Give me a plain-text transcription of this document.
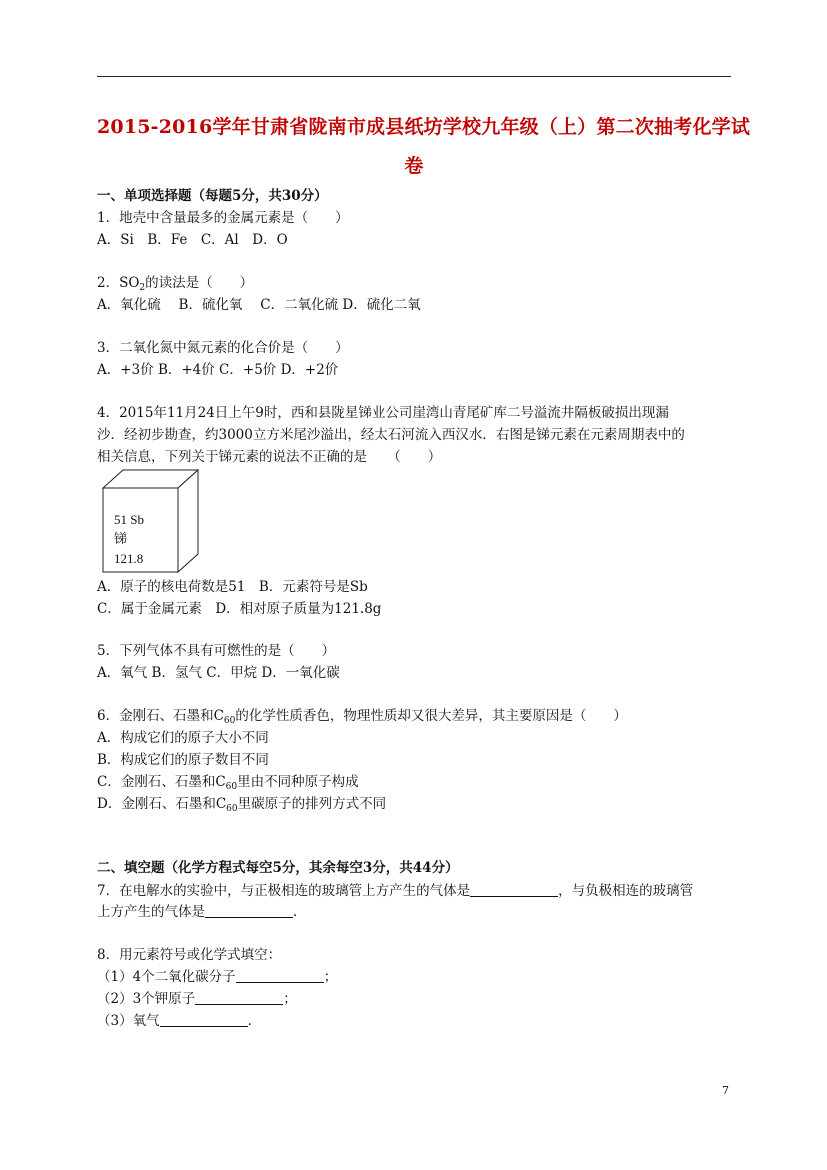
2015-2016学年甘肃省陇南市成县纸坊学校九年级（上）第二次抽考化学试
卷
一、单项选择题（每题5分，共30分）
1．地壳中含量最多的金属元素是（　　）
A．Si　B．Fe　C．Al　D．O
2．$SO_2$的读法是（　　）
A．氧化硫　 B．硫化氧　 C．二氧化硫 D．硫化二氧
3．二氧化氮中氮元素的化合价是（　　）
A．+3价 B．+4价 C．+5价 D．+2价
4．2015年11月24日上午9时，西和县陇星锑业公司崖湾山青尾矿库二号溢流井隔板破损出现漏
沙．经初步勘查，约3000立方米尾沙溢出，经太石河流入西汉水．右图是锑元素在元素周期表中的
相关信息，下列关于锑元素的说法不正确的是　　（　　）
51 Sb
锑
121.8
A．原子的核电荷数是51　B．元素符号是Sb
C．属于金属元素　D．相对原子质量为121.8g
5．下列气体不具有可燃性的是（　　）
A．氧气 B．氢气 C．甲烷 D．一氧化碳
6．金刚石、石墨和$C_{60}$的化学性质香色，物理性质却又很大差异，其主要原因是（　　）
A．构成它们的原子大小不同
B．构成它们的原子数目不同
C．金刚石、石墨和$C_{60}$里由不同种原子构成
D．金刚石、石墨和$C_{60}$里碳原子的排列方式不同
二、填空题（化学方程式每空5分，其余每空3分，共44分）
7．在电解水的实验中，与正极相连的玻璃管上方产生的气体是	，与负极相连的玻璃管
上方产生的气体是	．
8．用元素符号或化学式填空：
（1）4个二氧化碳分子	；
（2）3个钾原子	；
（3）氧气	．
7
